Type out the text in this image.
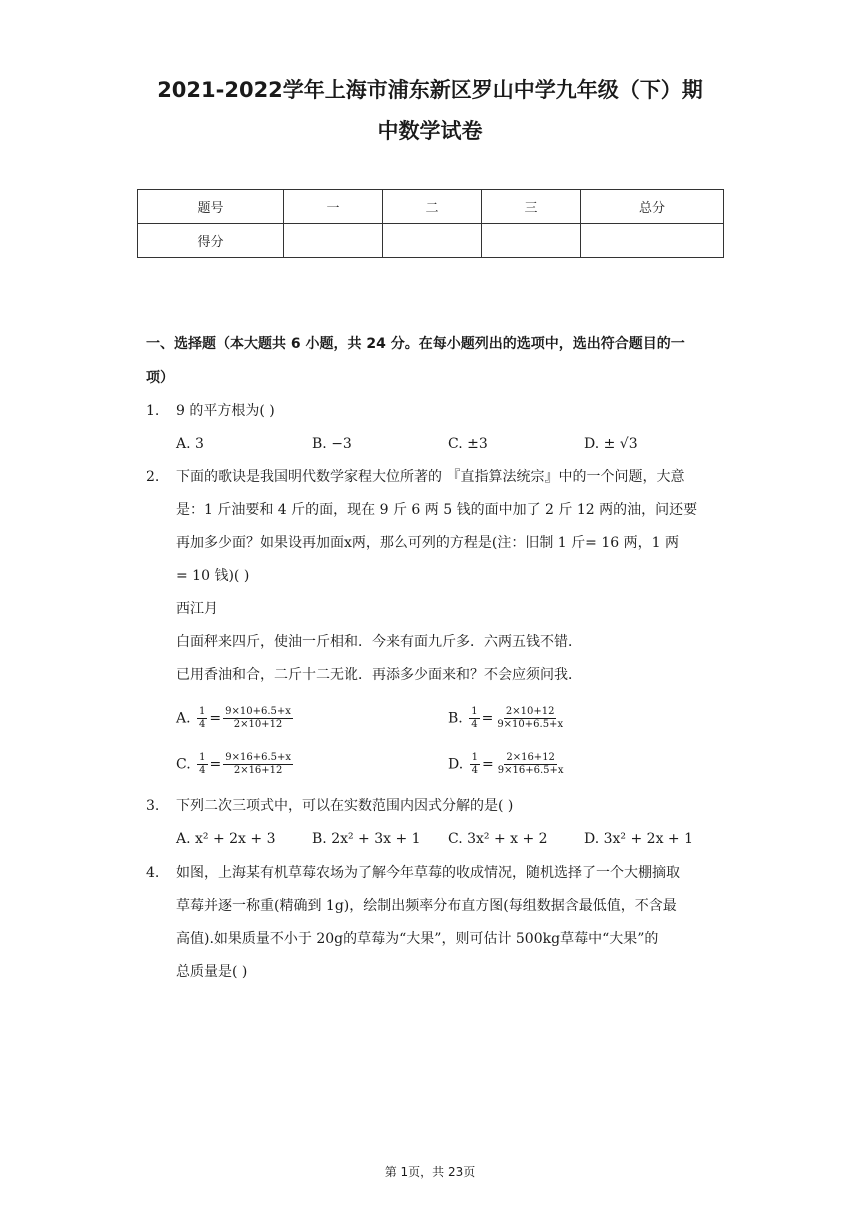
2021-2022学年上海市浦东新区罗山中学九年级（下）期
中数学试卷
题号	一	二	三	总分
得分				
一、选择题（本大题共 6 小题，共 24 分。在每小题列出的选项中，选出符合题目的一
项）
1. 9 的平方根为( )
A. 3	B. −3	C. ±3	D. ± √3
2. 下面的歌诀是我国明代数学家程大位所著的 『直指算法统宗』中的一个问题，大意
是：1 斤油要和 4 斤的面，现在 9 斤 6 两 5 钱的面中加了 2 斤 12 两的油，问还要
再加多少面？如果设再加面x两，那么可列的方程是(注：旧制 1 斤= 16 两，1 两
= 10 钱)( )
西江月
白面秤来四斤，使油一斤相和．今来有面九斤多．六两五钱不错．
已用香油和合，二斤十二无讹．再添多少面来和？不会应须问我．
A. $\frac{1}{4} = \frac{9\times 10+6.5+x}{2\times 10+12}$	B. $\frac{1}{4} = \frac{2\times 10+12}{9\times 10+6.5+x}$
C. $\frac{1}{4} = \frac{9\times 16+6.5+x}{2\times 16+12}$	D. $\frac{1}{4} = \frac{2\times 16+12}{9\times 16+6.5+x}$
3. 下列二次三项式中，可以在实数范围内因式分解的是( )
A. x² + 2x + 3	B. 2x² + 3x + 1 C. 3x² + x + 2	D. 3x² + 2x + 1
4. 如图，上海某有机草莓农场为了解今年草莓的收成情况，随机选择了一个大棚摘取
草莓并逐一称重(精确到 1g)，绘制出频率分布直方图(每组数据含最低值，不含最
高值).如果质量不小于 20g的草莓为“大果”，则可估计 500kg草莓中“大果”的
总质量是( )
第 1页，共 23页
